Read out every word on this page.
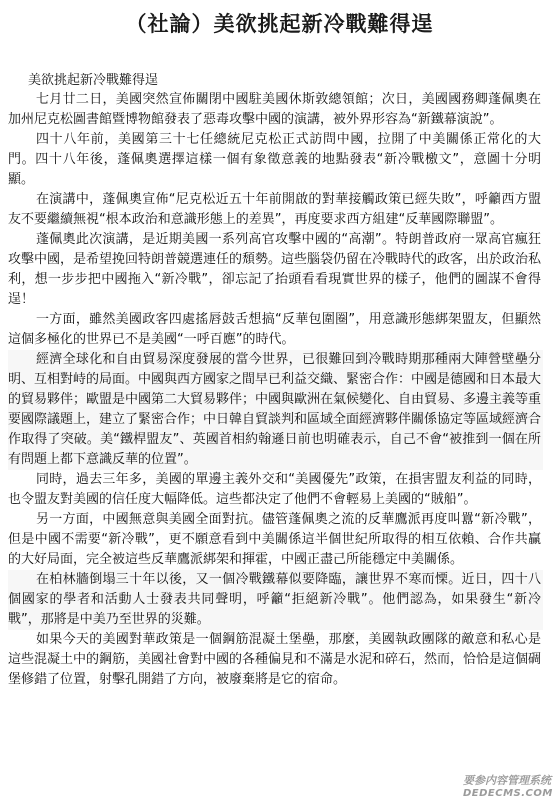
（社論）美欲挑起新冷戰難得逞

美欲挑起新冷戰難得逞

七月廿二日，美國突然宣佈關閉中國駐美國休斯敦總領館；次日，美國國務卿蓬佩奧在加州尼克松圖書館暨博物館發表了惡毒攻擊中國的演講，被外界形容為“新鐵幕演說”。

四十八年前，美國第三十七任總統尼克松正式訪問中國，拉開了中美關係正常化的大門。四十八年後，蓬佩奧選擇這樣一個有象徵意義的地點發表“新冷戰檄文”，意圖十分明顯。

在演講中，蓬佩奧宣佈“尼克松近五十年前開啟的對華接觸政策已經失敗”，呼籲西方盟友不要繼續無視“根本政治和意識形態上的差異”，再度要求西方組建“反華國際聯盟”。

蓬佩奧此次演講，是近期美國一系列高官攻擊中國的“高潮”。特朗普政府一眾高官瘋狂攻擊中國，是希望挽回特朗普競選連任的頹勢。這些腦袋仍留在冷戰時代的政客，出於政治私利，想一步步把中國拖入“新冷戰”，卻忘記了抬頭看看現實世界的樣子，他們的圖謀不會得逞！

一方面，雖然美國政客四處搖唇鼓舌想搞“反華包圍圈”，用意識形態綁架盟友，但顯然這個多極化的世界已不是美國“一呼百應”的時代。

經濟全球化和自由貿易深度發展的當今世界，已很難回到冷戰時期那種兩大陣營壁壘分明、互相對峙的局面。中國與西方國家之間早已利益交織、緊密合作：中國是德國和日本最大的貿易夥伴；歐盟是中國第二大貿易夥伴；中國與歐洲在氣候變化、自由貿易、多邊主義等重要國際議題上，建立了緊密合作；中日韓自貿談判和區域全面經濟夥伴關係協定等區域經濟合作取得了突破。美“鐵桿盟友”、英國首相約翰遜日前也明確表示，自己不會“被推到一個在所有問題上都下意識反華的位置”。

同時，過去三年多，美國的單邊主義外交和“美國優先”政策，在損害盟友利益的同時，也令盟友對美國的信任度大幅降低。這些都決定了他們不會輕易上美國的“賊船”。

另一方面，中國無意與美國全面對抗。儘管蓬佩奧之流的反華鷹派再度叫囂“新冷戰”，但是中國不需要“新冷戰”，更不願意看到中美關係這半個世紀所取得的相互依賴、合作共贏的大好局面，完全被這些反華鷹派綁架和揮霍，中國正盡己所能穩定中美關係。

在柏林牆倒塌三十年以後，又一個冷戰鐵幕似要降臨，讓世界不寒而慄。近日，四十八個國家的學者和活動人士發表共同聲明，呼籲“拒絕新冷戰”。他們認為，如果發生“新冷戰”，那將是中美乃至世界的災難。

如果今天的美國對華政策是一個鋼筋混凝土堡壘，那麼，美國執政團隊的敵意和私心是這些混凝土中的鋼筋，美國社會對中國的各種偏見和不滿是水泥和碎石，然而，恰恰是這個碉堡修錯了位置，射擊孔開錯了方向，被廢棄將是它的宿命。

要参内容管理系统
DEDECMS.COM
